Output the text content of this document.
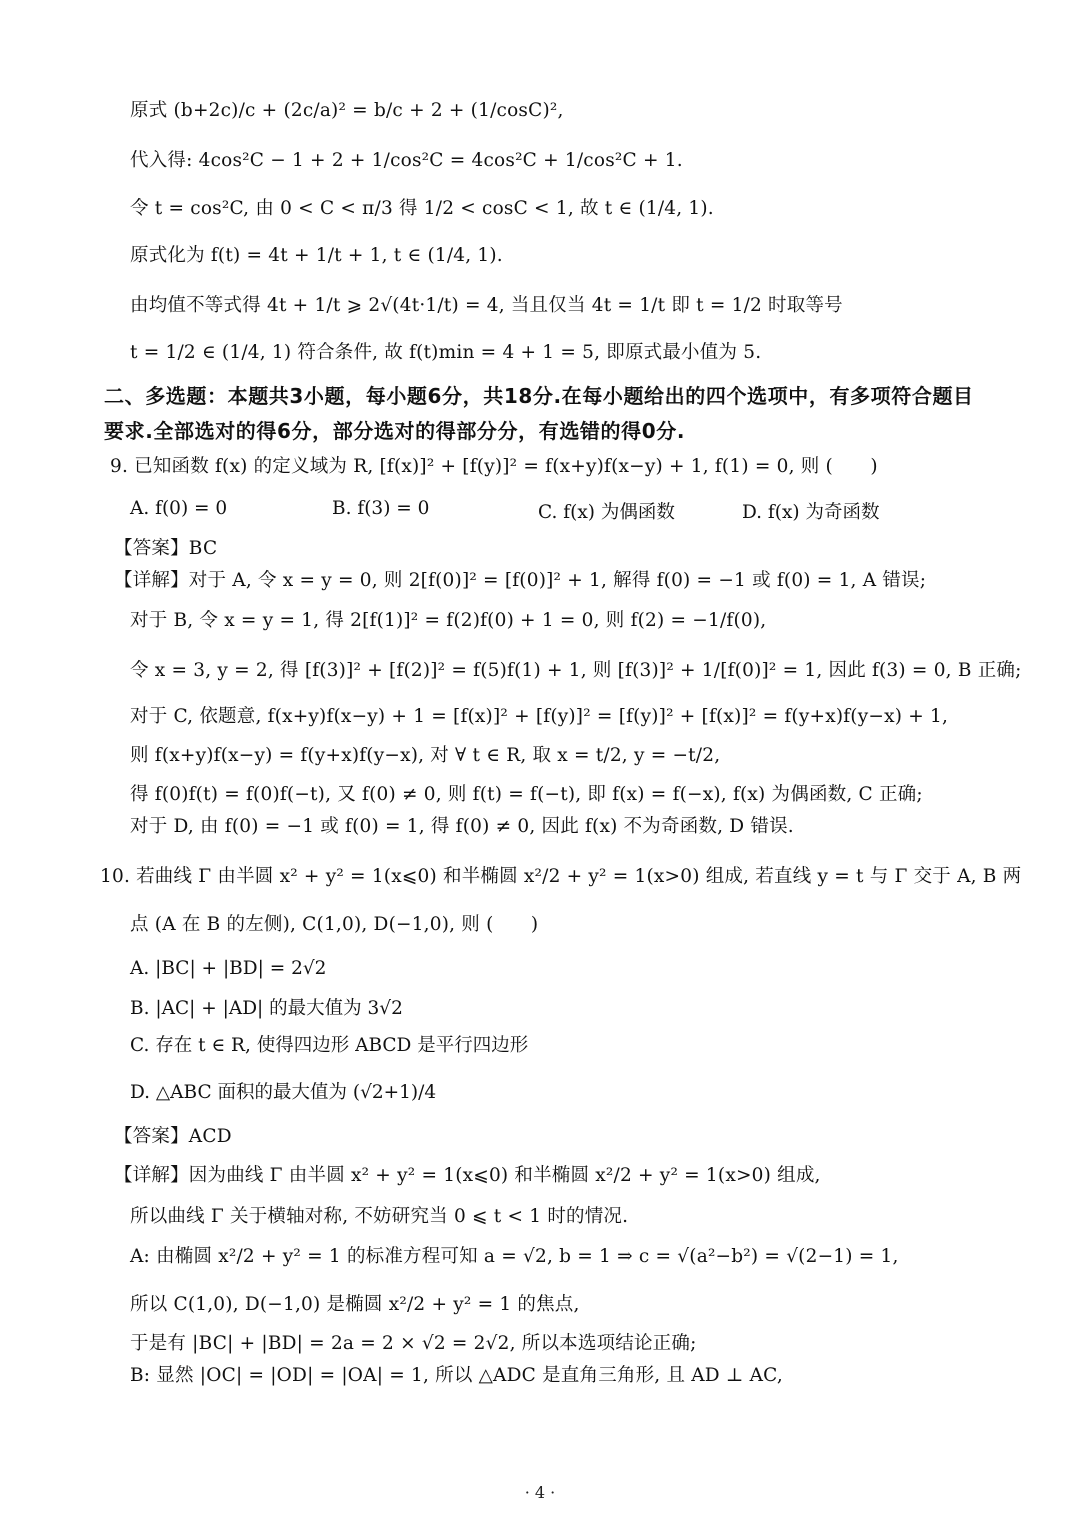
原式 (b+2c)/c + (2c/a)² = b/c + 2 + (1/cosC)²,
代入得: 4cos²C − 1 + 2 + 1/cos²C = 4cos²C + 1/cos²C + 1.
令 t = cos²C, 由 0 < C < π/3 得 1/2 < cosC < 1, 故 t ∈ (1/4, 1).
原式化为 f(t) = 4t + 1/t + 1, t ∈ (1/4, 1).
由均值不等式得 4t + 1/t ⩾ 2√(4t·1/t) = 4, 当且仅当 4t = 1/t 即 t = 1/2 时取等号
t = 1/2 ∈ (1/4, 1) 符合条件, 故 f(t)min = 4 + 1 = 5, 即原式最小值为 5.
二、多选题：本题共3小题，每小题6分，共18分.在每小题给出的四个选项中，有多项符合题目
要求.全部选对的得6分，部分选对的得部分分，有选错的得0分.
9. 已知函数 f(x) 的定义域为 R, [f(x)]² + [f(y)]² = f(x+y)f(x−y) + 1, f(1) = 0, 则 (　　)
A. f(0) = 0	B. f(3) = 0	C. f(x) 为偶函数	D. f(x) 为奇函数
【答案】BC
【详解】对于 A, 令 x = y = 0, 则 2[f(0)]² = [f(0)]² + 1, 解得 f(0) = −1 或 f(0) = 1, A 错误;
对于 B, 令 x = y = 1, 得 2[f(1)]² = f(2)f(0) + 1 = 0, 则 f(2) = −1/f(0),
令 x = 3, y = 2, 得 [f(3)]² + [f(2)]² = f(5)f(1) + 1, 则 [f(3)]² + 1/[f(0)]² = 1, 因此 f(3) = 0, B 正确;
对于 C, 依题意, f(x+y)f(x−y) + 1 = [f(x)]² + [f(y)]² = [f(y)]² + [f(x)]² = f(y+x)f(y−x) + 1,
则 f(x+y)f(x−y) = f(y+x)f(y−x), 对 ∀ t ∈ R, 取 x = t/2, y = −t/2,
得 f(0)f(t) = f(0)f(−t), 又 f(0) ≠ 0, 则 f(t) = f(−t), 即 f(x) = f(−x), f(x) 为偶函数, C 正确;
对于 D, 由 f(0) = −1 或 f(0) = 1, 得 f(0) ≠ 0, 因此 f(x) 不为奇函数, D 错误.
10. 若曲线 Γ 由半圆 x² + y² = 1(x⩽0) 和半椭圆 x²/2 + y² = 1(x>0) 组成, 若直线 y = t 与 Γ 交于 A, B 两
点 (A 在 B 的左侧), C(1,0), D(−1,0), 则 (　　)
A. |BC| + |BD| = 2√2
B. |AC| + |AD| 的最大值为 3√2
C. 存在 t ∈ R, 使得四边形 ABCD 是平行四边形
D. △ABC 面积的最大值为 (√2+1)/4
【答案】ACD
【详解】因为曲线 Γ 由半圆 x² + y² = 1(x⩽0) 和半椭圆 x²/2 + y² = 1(x>0) 组成,
所以曲线 Γ 关于横轴对称, 不妨研究当 0 ⩽ t < 1 时的情况.
A: 由椭圆 x²/2 + y² = 1 的标准方程可知 a = √2, b = 1 ⇒ c = √(a²−b²) = √(2−1) = 1,
所以 C(1,0), D(−1,0) 是椭圆 x²/2 + y² = 1 的焦点,
于是有 |BC| + |BD| = 2a = 2 × √2 = 2√2, 所以本选项结论正确;
B: 显然 |OC| = |OD| = |OA| = 1, 所以 △ADC 是直角三角形, 且 AD ⊥ AC,
· 4 ·
